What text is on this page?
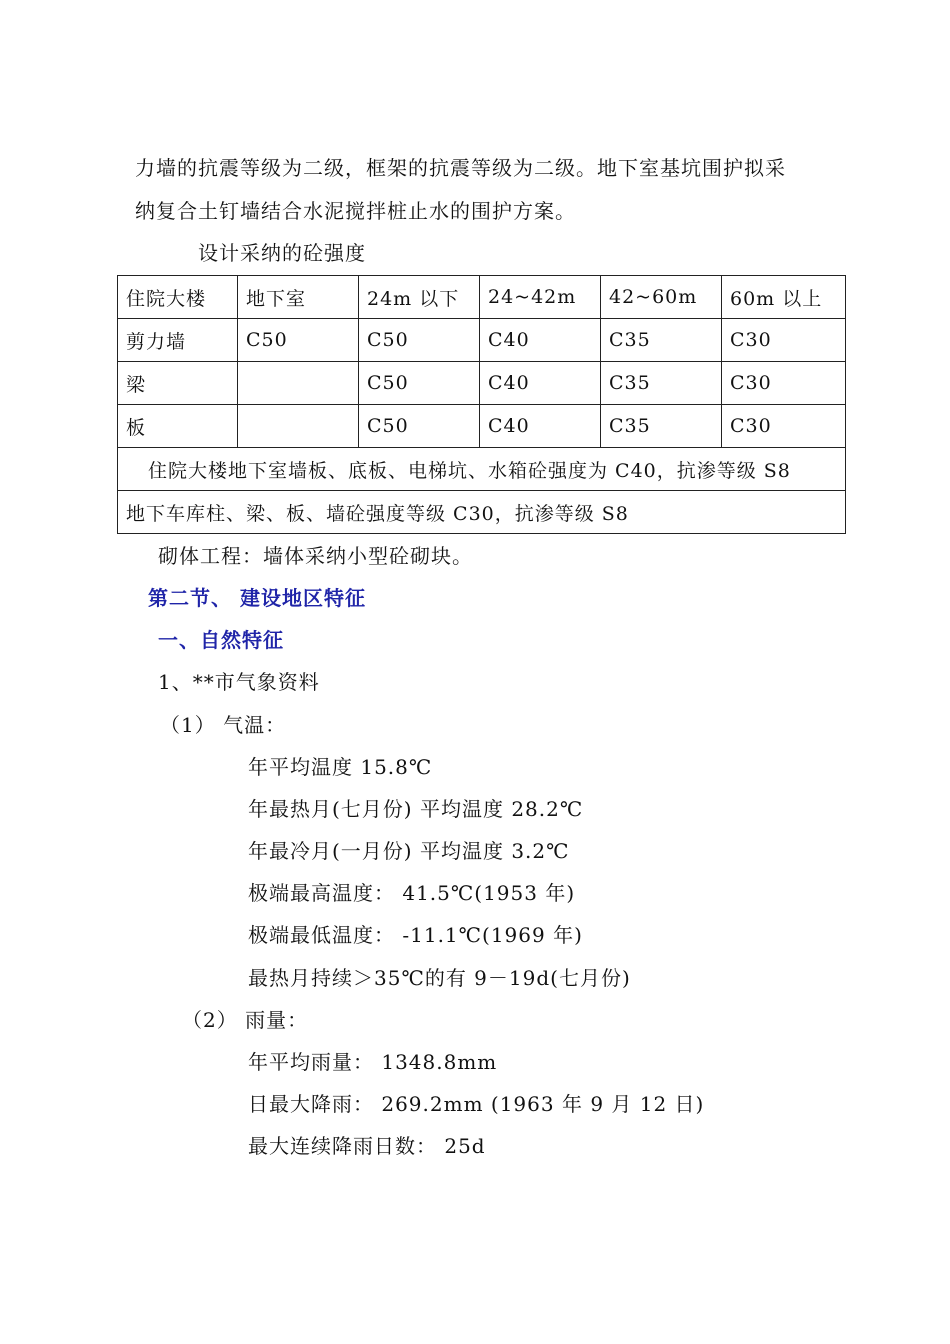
力墙的抗震等级为二级，框架的抗震等级为二级。地下室基坑围护拟采
纳复合土钉墙结合水泥搅拌桩止水的围护方案。
设计采纳的砼强度
住院大楼	地下室	24m 以下	24~42m	42~60m	60m 以上
剪力墙	C50	C50	C40	C35	C30
梁		C50	C40	C35	C30
板		C50	C40	C35	C30
住院大楼地下室墙板、底板、电梯坑、水箱砼强度为 C40，抗渗等级 S8					
地下车库柱、梁、板、墙砼强度等级 C30，抗渗等级 S8					
砌体工程：墙体采纳小型砼砌块。
第二节、 建设地区特征
一、自然特征
1、**市气象资料
（1） 气温：
年平均温度 15.8℃
年最热月(七月份) 平均温度 28.2℃
年最冷月(一月份) 平均温度 3.2℃
极端最高温度： 41.5℃(1953 年)
极端最低温度： -11.1℃(1969 年)
最热月持续＞35℃的有 9－19d(七月份)
（2） 雨量：
年平均雨量： 1348.8mm
日最大降雨： 269.2mm (1963 年 9 月 12 日)
最大连续降雨日数： 25d
